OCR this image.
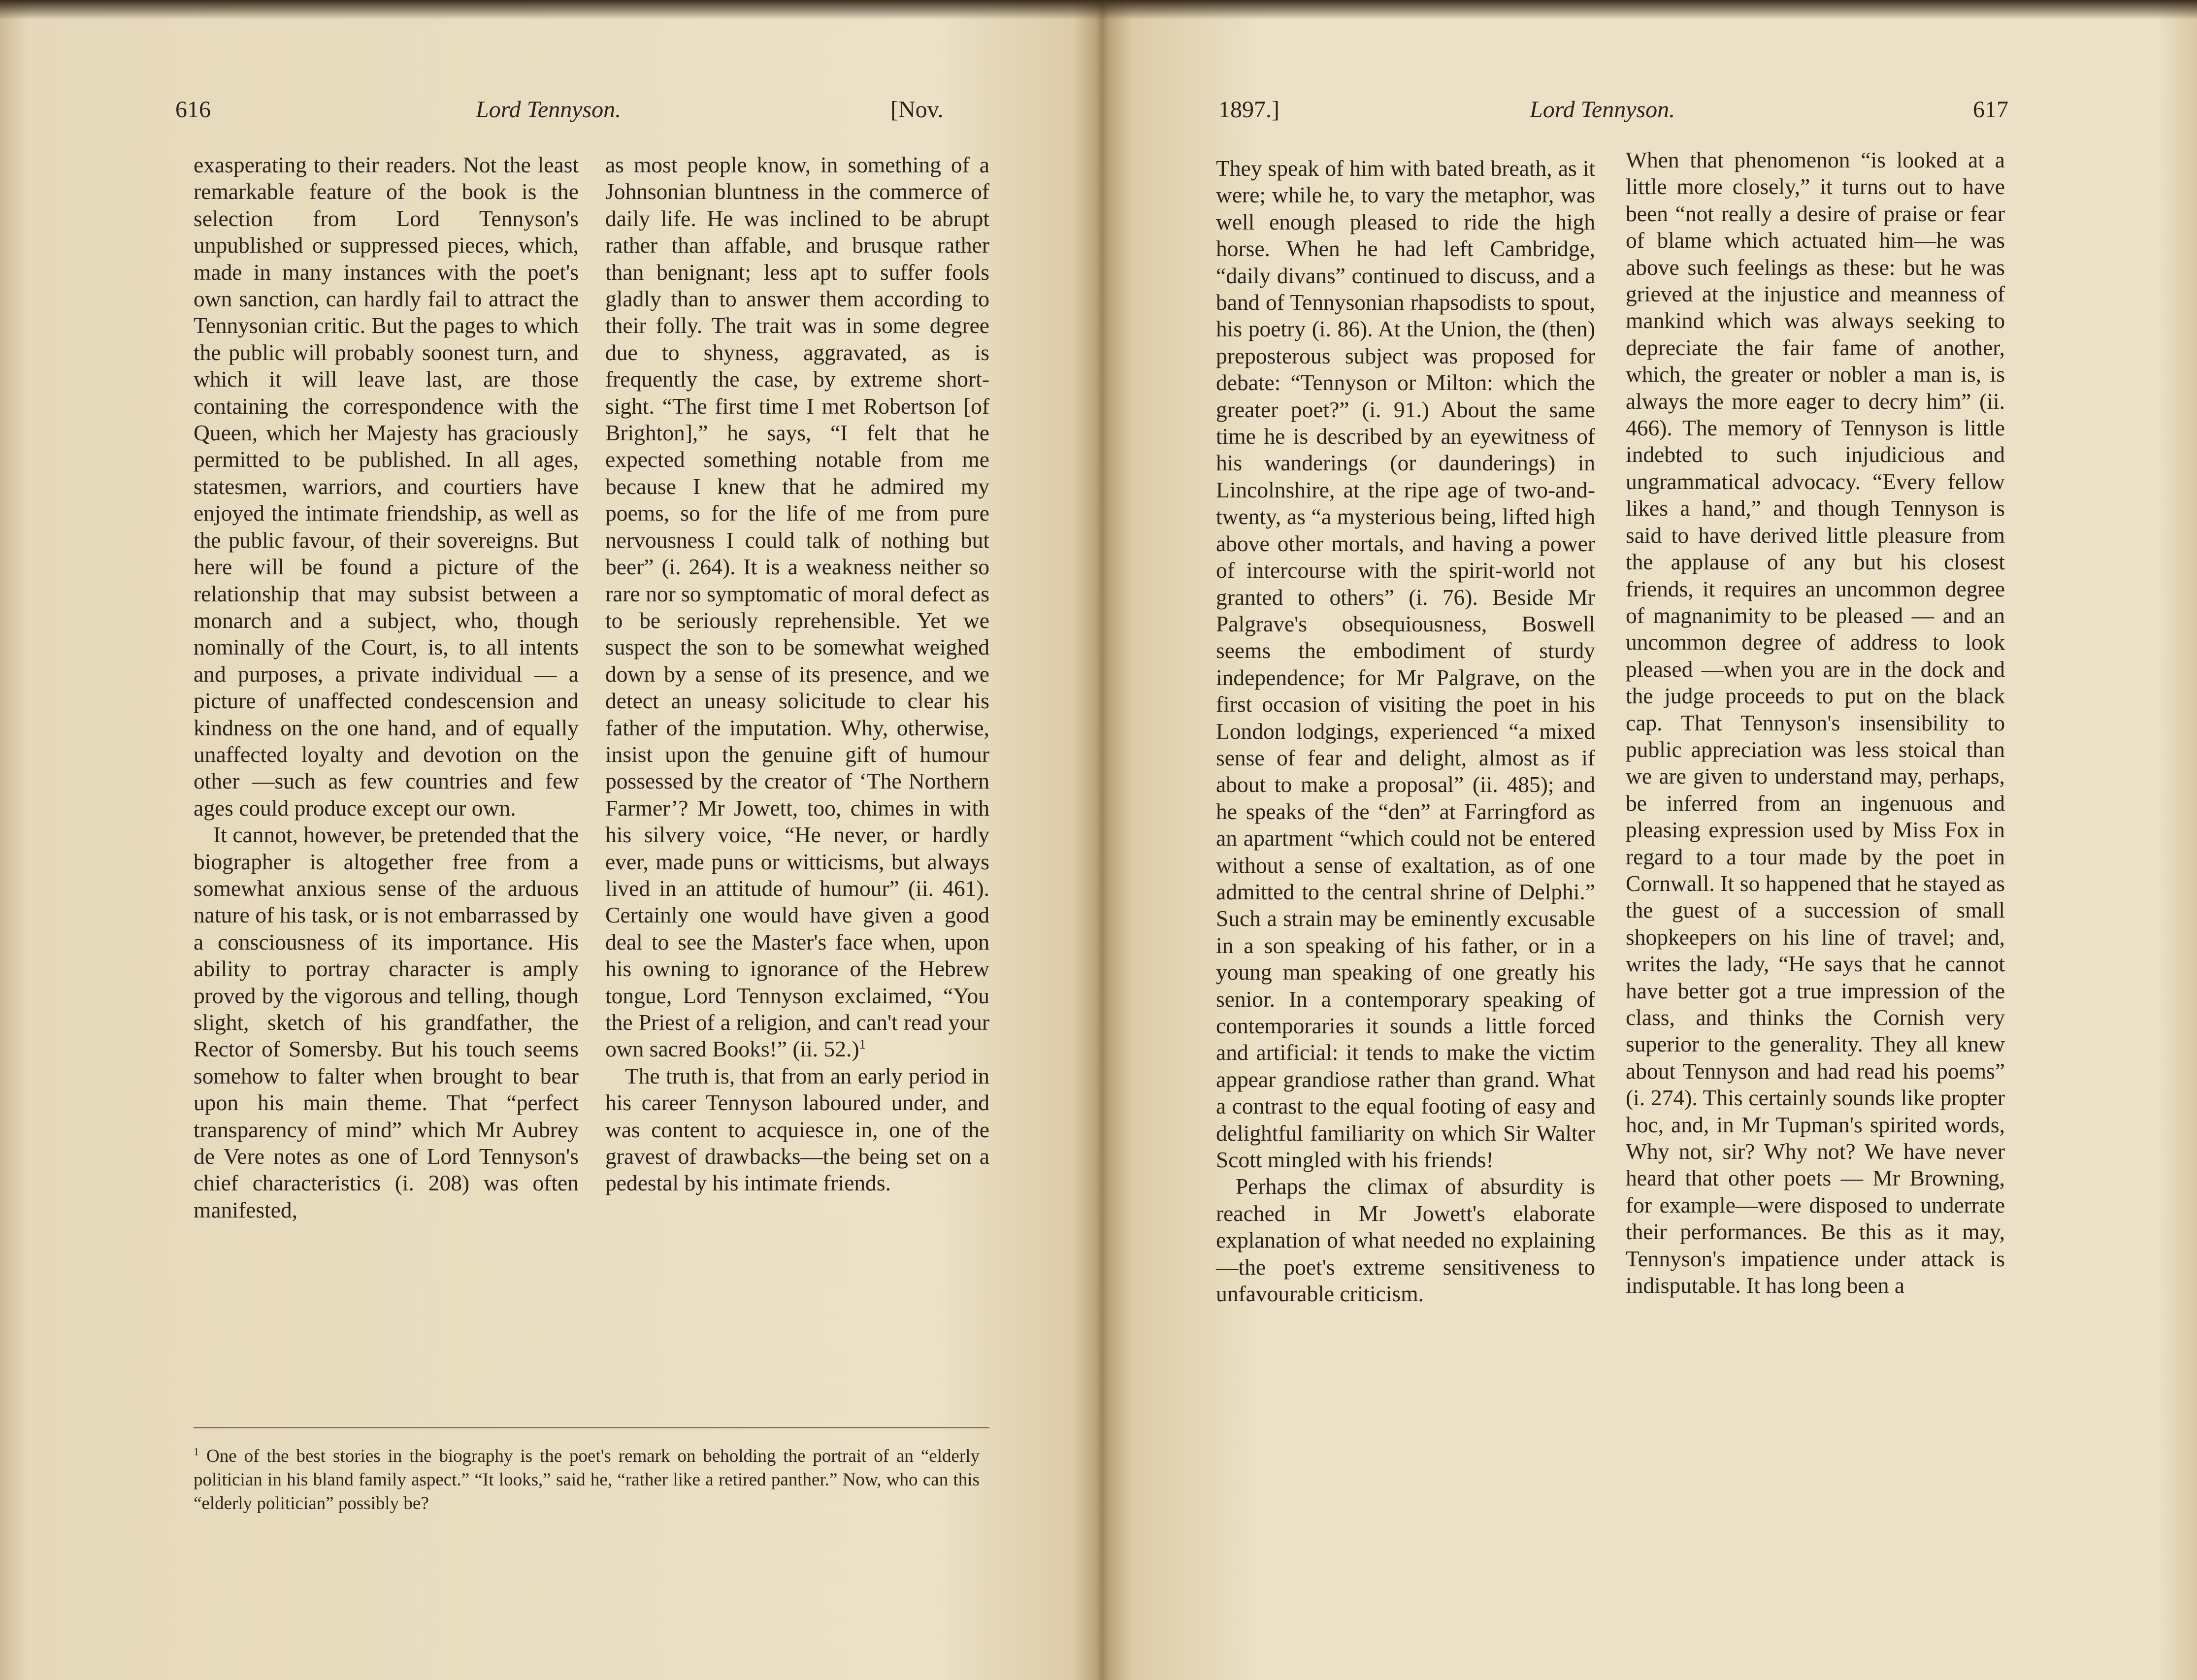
616	Lord Tennyson.	[Nov.

exasperating to their readers. Not the least remarkable feature of the book is the selection from Lord Tennyson's unpublished or suppressed pieces, which, made in many instances with the poet's own sanction, can hardly fail to attract the Tennysonian critic. But the pages to which the public will probably soonest turn, and which it will leave last, are those containing the correspondence with the Queen, which her Majesty has graciously permitted to be published. In all ages, statesmen, warriors, and courtiers have enjoyed the intimate friendship, as well as the public favour, of their sovereigns. But here will be found a picture of the relationship that may subsist between a monarch and a subject, who, though nominally of the Court, is, to all intents and purposes, a private individual — a picture of unaffected condescension and kindness on the one hand, and of equally unaffected loyalty and devotion on the other —such as few countries and few ages could produce except our own.

It cannot, however, be pretended that the biographer is altogether free from a somewhat anxious sense of the arduous nature of his task, or is not embarrassed by a consciousness of its importance. His ability to portray character is amply proved by the vigorous and telling, though slight, sketch of his grandfather, the Rector of Somersby. But his touch seems somehow to falter when brought to bear upon his main theme. That “perfect transparency of mind” which Mr Aubrey de Vere notes as one of Lord Tennyson's chief characteristics (i. 208) was often manifested,

as most people know, in something of a Johnsonian bluntness in the commerce of daily life. He was inclined to be abrupt rather than affable, and brusque rather than benignant; less apt to suffer fools gladly than to answer them according to their folly. The trait was in some degree due to shyness, aggravated, as is frequently the case, by extreme short-sight. “The first time I met Robertson [of Brighton],” he says, “I felt that he expected something notable from me because I knew that he admired my poems, so for the life of me from pure nervousness I could talk of nothing but beer” (i. 264). It is a weakness neither so rare nor so symptomatic of moral defect as to be seriously reprehensible. Yet we suspect the son to be somewhat weighed down by a sense of its presence, and we detect an uneasy solicitude to clear his father of the imputation. Why, otherwise, insist upon the genuine gift of humour possessed by the creator of ‘The Northern Farmer’? Mr Jowett, too, chimes in with his silvery voice, “He never, or hardly ever, made puns or witticisms, but always lived in an attitude of humour” (ii. 461). Certainly one would have given a good deal to see the Master's face when, upon his owning to ignorance of the Hebrew tongue, Lord Tennyson exclaimed, “You the Priest of a religion, and can't read your own sacred Books!” (ii. 52.)$^1$

The truth is, that from an early period in his career Tennyson laboured under, and was content to acquiesce in, one of the gravest of drawbacks—the being set on a pedestal by his intimate friends.

$^1$ One of the best stories in the biography is the poet's remark on beholding the portrait of an “elderly politician in his bland family aspect.” “It looks,” said he, “rather like a retired panther.” Now, who can this “elderly politician” possibly be?
1897.]	Lord Tennyson.	617

They speak of him with bated breath, as it were; while he, to vary the metaphor, was well enough pleased to ride the high horse. When he had left Cambridge, “daily divans” continued to discuss, and a band of Tennysonian rhapsodists to spout, his poetry (i. 86). At the Union, the (then) preposterous subject was proposed for debate: “Tennyson or Milton: which the greater poet?” (i. 91.) About the same time he is described by an eyewitness of his wanderings (or daunderings) in Lincolnshire, at the ripe age of two-and-twenty, as “a mysterious being, lifted high above other mortals, and having a power of intercourse with the spirit-world not granted to others” (i. 76). Beside Mr Palgrave's obsequiousness, Boswell seems the embodiment of sturdy independence; for Mr Palgrave, on the first occasion of visiting the poet in his London lodgings, experienced “a mixed sense of fear and delight, almost as if about to make a proposal” (ii. 485); and he speaks of the “den” at Farringford as an apartment “which could not be entered without a sense of exaltation, as of one admitted to the central shrine of Delphi.” Such a strain may be eminently excusable in a son speaking of his father, or in a young man speaking of one greatly his senior. In a contemporary speaking of contemporaries it sounds a little forced and artificial: it tends to make the victim appear grandiose rather than grand. What a contrast to the equal footing of easy and delightful familiarity on which Sir Walter Scott mingled with his friends!

Perhaps the climax of absurdity is reached in Mr Jowett's elaborate explanation of what needed no explaining—the poet's extreme sensitiveness to unfavourable criticism.

When that phenomenon “is looked at a little more closely,” it turns out to have been “not really a desire of praise or fear of blame which actuated him—he was above such feelings as these: but he was grieved at the injustice and meanness of mankind which was always seeking to depreciate the fair fame of another, which, the greater or nobler a man is, is always the more eager to decry him” (ii. 466). The memory of Tennyson is little indebted to such injudicious and ungrammatical advocacy. “Every fellow likes a hand,” and though Tennyson is said to have derived little pleasure from the applause of any but his closest friends, it requires an uncommon degree of magnanimity to be pleased — and an uncommon degree of address to look pleased —when you are in the dock and the judge proceeds to put on the black cap. That Tennyson's insensibility to public appreciation was less stoical than we are given to understand may, perhaps, be inferred from an ingenuous and pleasing expression used by Miss Fox in regard to a tour made by the poet in Cornwall. It so happened that he stayed as the guest of a succession of small shopkeepers on his line of travel; and, writes the lady, “He says that he cannot have better got a true impression of the class, and thinks the Cornish very superior to the generality. They all knew about Tennyson and had read his poems” (i. 274). This certainly sounds like propter hoc, and, in Mr Tupman's spirited words, Why not, sir? Why not? We have never heard that other poets — Mr Browning, for example—were disposed to underrate their performances. Be this as it may, Tennyson's impatience under attack is indisputable. It has long been a
